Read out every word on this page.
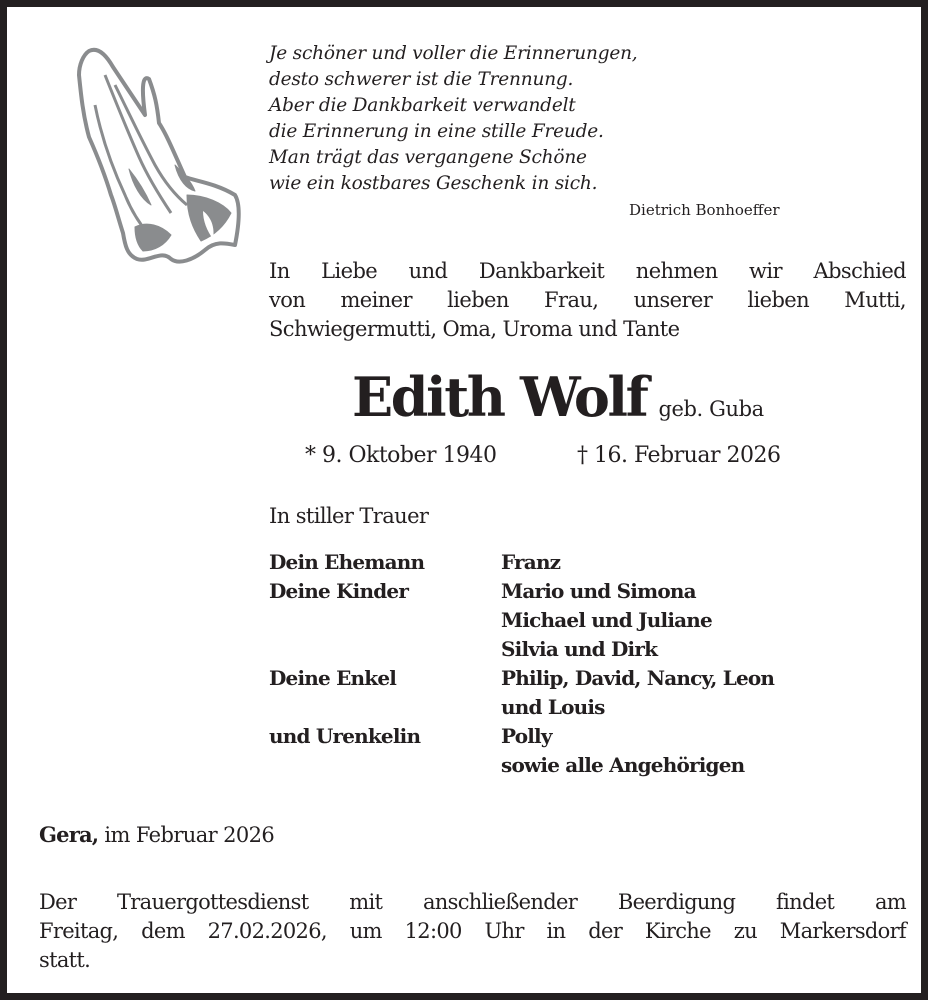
Je schöner und voller die Erinnerungen,
desto schwerer ist die Trennung.
Aber die Dankbarkeit verwandelt
die Erinnerung in eine stille Freude.
Man trägt das vergangene Schöne
wie ein kostbares Geschenk in sich.
Dietrich Bonhoeffer
In Liebe und Dankbarkeit nehmen wir Abschied
von meiner lieben Frau, unserer lieben Mutti,
Schwiegermutti, Oma, Uroma und Tante
Edith Wolf geb. Guba
* 9. Oktober 1940	† 16. Februar 2026
In stiller Trauer
Dein Ehemann	Franz
Deine Kinder	Mario und Simona
Michael und Juliane
Silvia und Dirk
Deine Enkel	Philip, David, Nancy, Leon
und Louis
und Urenkelin	Polly
sowie alle Angehörigen
Gera, im Februar 2026
Der Trauergottesdienst mit anschließender Beerdigung findet am
Freitag, dem 27.02.2026, um 12:00 Uhr in der Kirche zu Markersdorf
statt.
